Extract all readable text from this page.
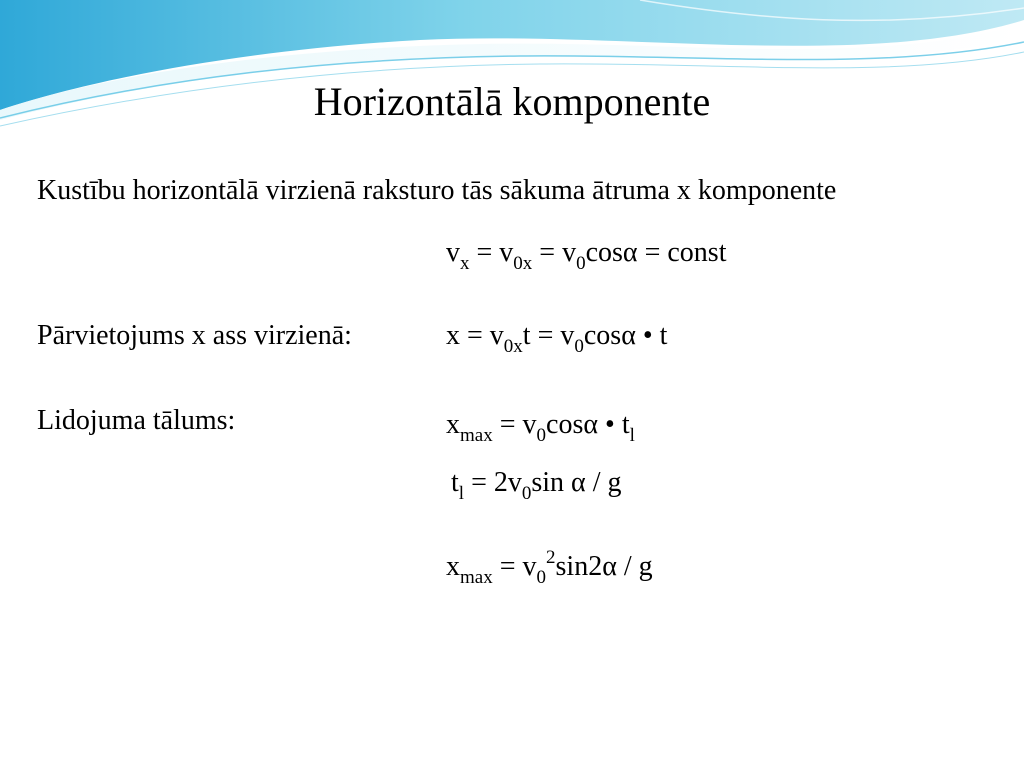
Horizontālā komponente
Kustību horizontālā virzienā raksturo tās sākuma ātruma x komponente
$v_x = v_{0x} = v_0\cos\alpha$ = const
Pārvietojums x ass virzienā:	$x = v_{0x}t = v_0\cos\alpha$ • t
Lidojuma tālums:	$x_{max} = v_0\cos\alpha$ • $t_l$
$t_l = 2v_0\sin$ α / g
$x_{max} = v_0^2\sin 2\alpha / g$
